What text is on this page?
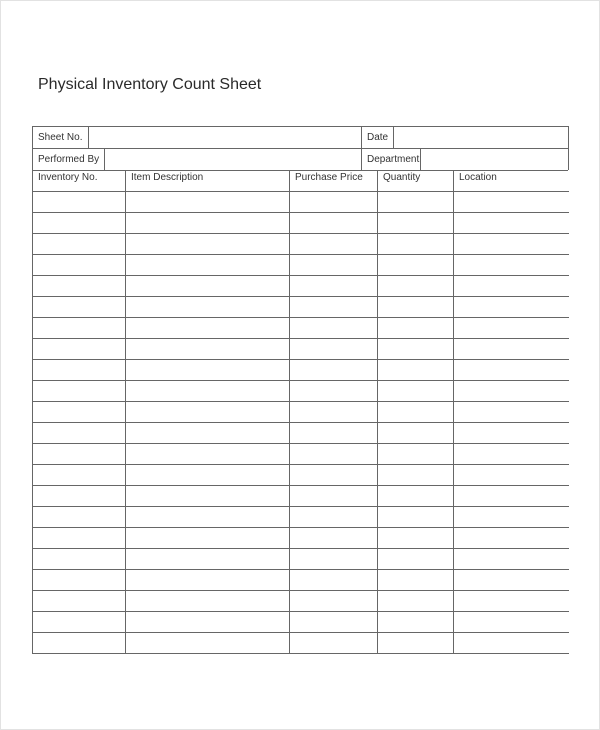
Physical Inventory Count Sheet
Sheet No.	Date
Performed By	Department
Inventory No.	Item Description	Purchase Price	Quantity	Location
